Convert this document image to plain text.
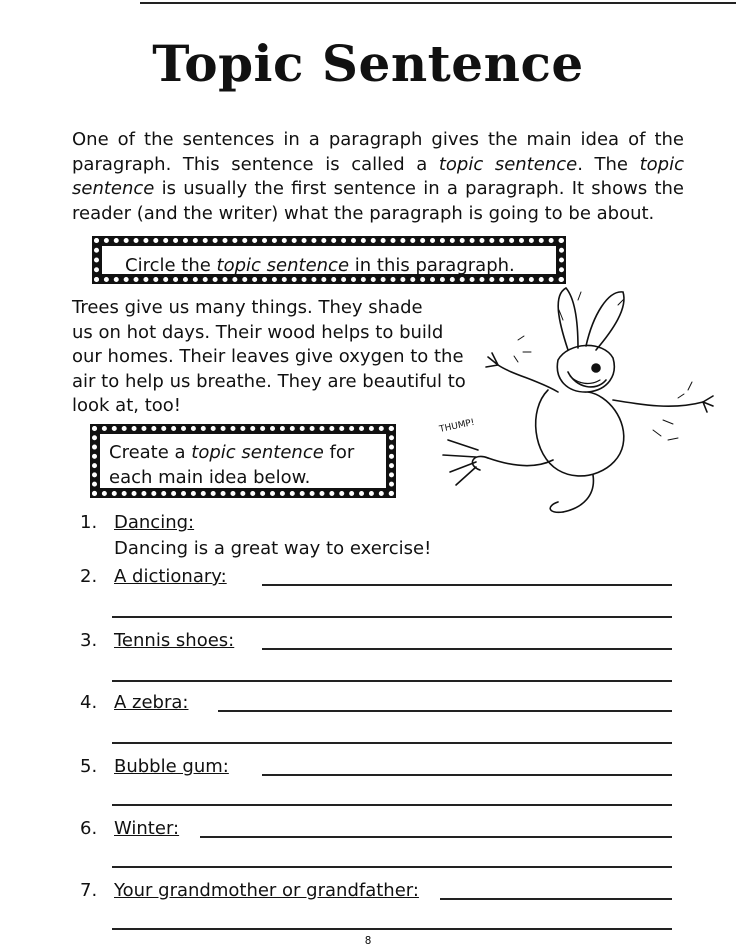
Topic Sentence
One of the sentences in a paragraph gives the main idea of the paragraph. This sentence is called a topic sentence. The topic sentence is usually the first sentence in a paragraph. It shows the reader (and the writer) what the paragraph is going to be about.
Circle the topic sentence in this paragraph.
Trees give us many things. They shade
us on hot days. Their wood helps to build
our homes. Their leaves give oxygen to the
air to help us breathe. They are beautiful to
look at, too!
Create a topic sentence for
each main idea below.
THUMP!
1. Dancing:
Dancing is a great way to exercise!
2. A dictionary:
3. Tennis shoes:
4. A zebra:
5. Bubble gum:
6. Winter:
7. Your grandmother or grandfather:
8
